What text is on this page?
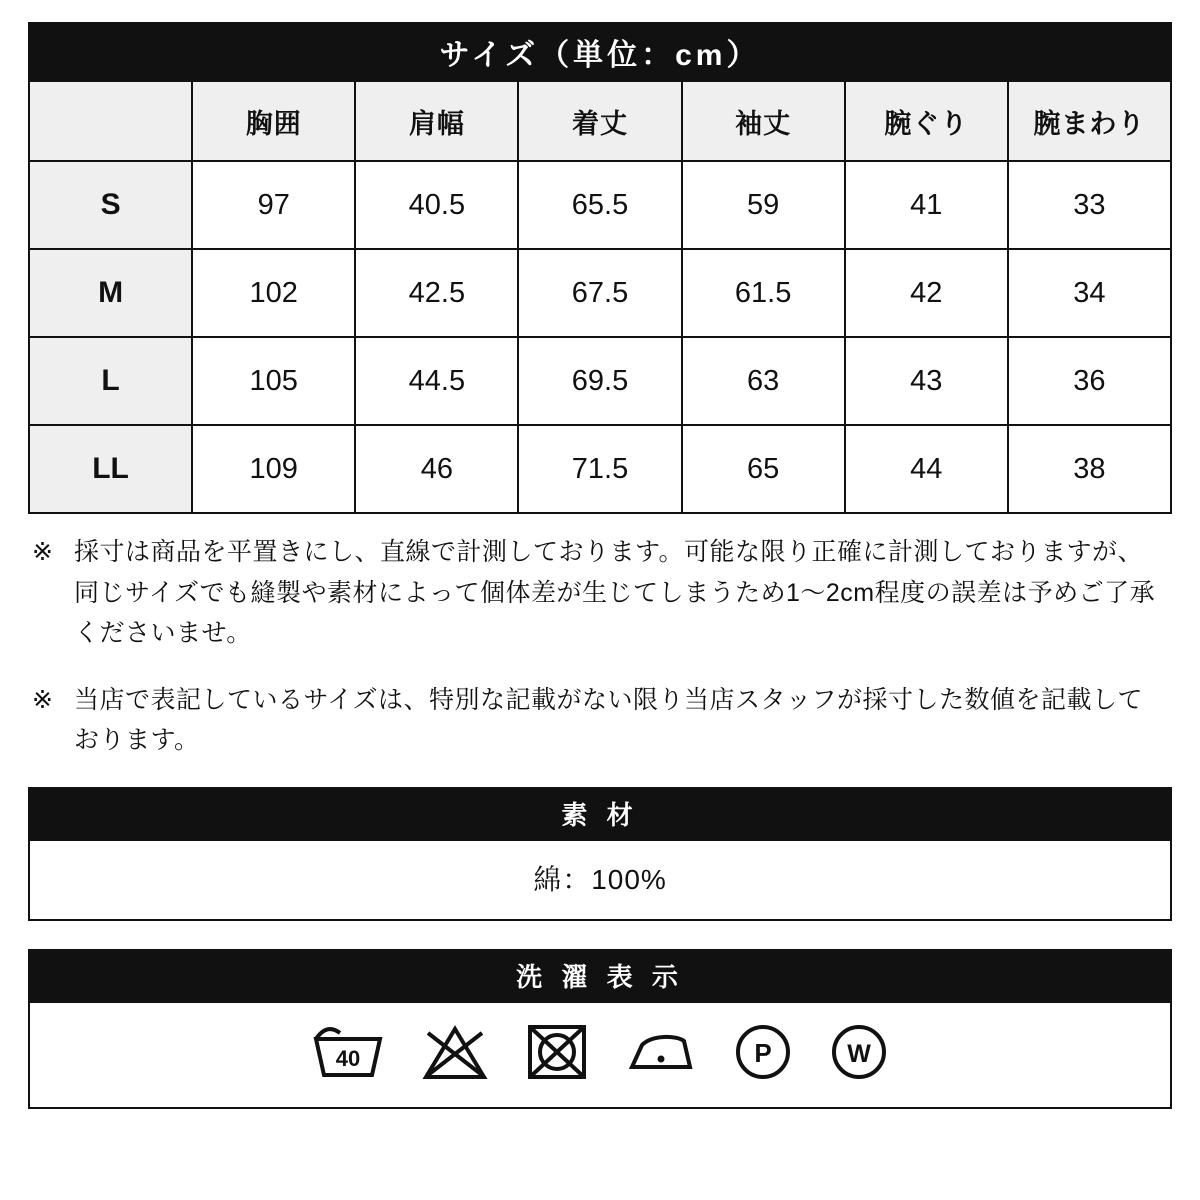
サイズ（単位：cm）						
	胸囲	肩幅	着丈	袖丈	腕ぐり	腕まわり
S	97	40.5	65.5	59	41	33
M	102	42.5	67.5	61.5	42	34
L	105	44.5	69.5	63	43	36
LL	109	46	71.5	65	44	38
※ 採寸は商品を平置きにし、直線で計測しております。可能な限り正確に計測しておりますが、同じサイズでも縫製や素材によって個体差が生じてしまうため1〜2cm程度の誤差は予めご了承くださいませ。
※ 当店で表記しているサイズは、特別な記載がない限り当店スタッフが採寸した数値を記載しております。
素 材
綿：100%
洗 濯 表 示
40	P	W
